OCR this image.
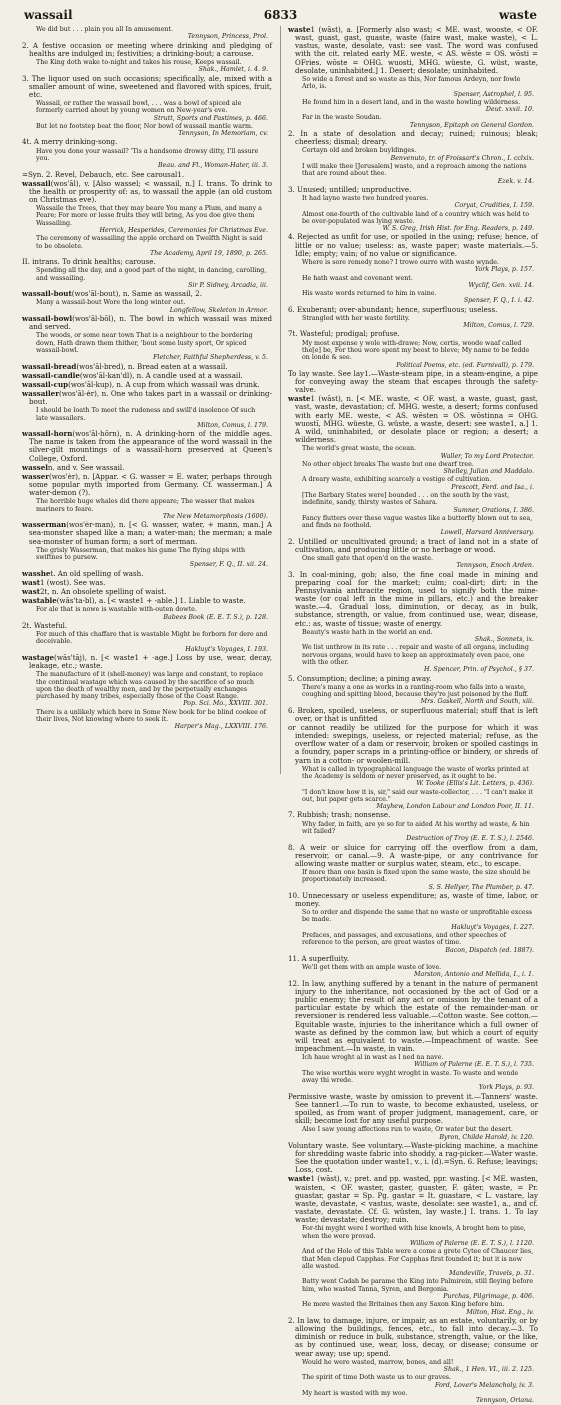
wassail	6833	waste
We did but . . . plain you all In amusement.
Tennyson, Princess, Prol.
2. A festive occasion or meeting where drinking and pledging of healths are indulged in; festivities; a drinking-bout; a carouse.
The King doth wake to-night and takes his rouse, Keeps wassail.
Shak., Hamlet, i. 4. 9.
3. The liquor used on such occasions; specifically, ale, mixed with a smaller amount of wine, sweetened and flavored with spices, fruit, etc.
Wassail, or rather the wassail bowl, . . . was a bowl of spiced ale formerly carried about by young women on New-year's eve.
Strutt, Sports and Pastimes, p. 466.
But let no footstep beat the floor, Nor bowl of wassail mantle warm.
Tennyson, In Memoriam, cv.
4t. A merry drinking-song.
Have you done your wassail? 'Tis a handsome drowsy ditty, I'll assure you.
Beau. and Fl., Woman-Hater, iii. 3.
=Syn. 2. Revel, Debauch, etc. See carousal1.
wassail(wos'āl), v. [Also wassel; < wassail, n.] I. trans. To drink to the health or prosperity of: as, to wassail the apple (an old custom on Christmas eve).
Wassaile the Trees, that they may beare You many a Plum, and many a Peare; For more or lesse fruits they will bring, As you doe give them Wassailing.
Herrick, Hesperides, Ceremonies for Christmas Eve.
The ceremony of wassailing the apple orchard on Twelfth Night is said to be obsolete.
The Academy, April 19, 1890, p. 265.
II. intrans. To drink healths; carouse.
Spending all the day, and a good part of the night, in dancing, carolling, and wassailing.
Sir P. Sidney, Arcadia, iii.
wassail-bout(wos'āl-bout), n. Same as wassail, 2.
Many a wassail-bout Wore the long winter out.
Longfellow, Skeleton in Armor.
wassail-bowl(wos'āl-bōl), n. The bowl in which wassail was mixed and served.
The woods, or some near town That is a neighbour to the bordering down, Hath drawn them thither, 'bout some lusty sport, Or spiced wassail-bowl.
Fletcher, Faithful Shepherdess, v. 5.
wassail-bread(wos'āl-bred), n. Bread eaten at a wassail.
wassail-candle(wos'āl-kan'dl), n. A candle used at a wassail.
wassail-cup(wos'āl-kup), n. A cup from which wassail was drunk.
wassailer(wos'āl-ėr), n. One who takes part in a wassail or drinking-bout.
I should be loath To meet the rudeness and swill'd insolence Of such late wassailers.
Milton, Comus, l. 179.
wassail-horn(wos'āl-hôrn), n. A drinking-horn of the middle ages. The name is taken from the appearance of the word wassail in the silver-gilt mountings of a wassail-horn preserved at Queen's College, Oxford.
wasseln. and v. See wassail.
wasser(wos'ėr), n. [Appar. < G. wasser = E. water, perhaps through some popular myth imported from Germany. Cf. wasserman.] A water-demon (?).
The horrible huge whales did there appeare; The wasser that makes mariners to feare.
The New Metamorphosis (1600).
wasserman(wos'ėr-man), n. [< G. wasser, water, + mann, man.] A sea-monster shaped like a man; a water-man; the merman; a male sea-monster of human form; a sort of merman.
The grisly Wasserman, that makes his game The flying ships with swiftnes to pursew.
Spenser, F. Q., II. xii. 24.
wasshet. An old spelling of wash.
wast1 (wost). See was.
wast2t, n. An obsolete spelling of waist.
wastable(wās'ta-bl), a. [< waste1 + -able.] 1. Liable to waste.
For ale that is nowe is wastable with-outen dowte.
Babees Book (E. E. T. S.), p. 128.
2t. Wasteful.
For much of this chaffare that is wastable Might be forborn for dere and deceivable.
Hakluyt's Voyages, I. 193.
wastage(wās'tāj), n. [< waste1 + -age.] Loss by use, wear, decay, leakage, etc.; waste.
The manufacture of it (shell-money) was large and constant, to replace the continual wastage which was caused by the sacrifice of so much upon the death of wealthy men, and by the perpetually exchanges purchased by many tribes, especially those of the Coast Range.
Pop. Sci. Mo., XXVIII. 301.
There is a unlikely which here in Some New book for be blind cookee of their lives, Not knowing where to seek it.
Harper's Mag., LXXVIII. 176.
waste1 (wāst), a. [Formerly also wast; < ME. wast, wooste, < OF. wast, guast, gast, guaste, waste (faire wast, make waste), < L. vastus, waste, desolate, vast: see vast. The word was confused with the cit. related early ME. weste, < AS. wēste = OS. wōsti = OFries. wōste = OHG. wuosti, MHG. wüeste, G. wüst, waste, desolate, uninhabited.] 1. Desert; desolate; uninhabited.
So wide a forest and so waste as this, Nor famous Ardeyn, nor fowle Arlo, is.
Spenser, Astrophel, l. 95.
He found him in a desert land, and in the waste howling wilderness.
Deut. xxxii. 10.
Far in the waste Soudan.
Tennyson, Epitaph on General Gordon.
2. In a state of desolation and decay; ruined; ruinous; bleak; cheerless; dismal; dreary.
Certayn old and broken buyldinges.
Benvenuto, tr. of Froissart's Chron., I. cclxix.
I will make thee [Jerusalem] waste, and a reproach among the nations that are round about thee.
Ezek. v. 14.
3. Unused; untilled; unproductive.
It had layne waste two hundred yeares.
Coryat, Crudities, I. 159.
Almost one-fourth of the cultivable land of a country which was held to be over-populated was lying waste.
W. S. Greg, Irish Hist. for Eng. Readers, p. 149.
4. Rejected as unfit for use, or spoiled in the using; refuse; hence, of little or no value; useless: as, waste paper; waste materials.—5. Idle; empty; vain; of no value or significance.
Where is sore remedy none? I trowe ourre with waste wynde.
York Plays, p. 157.
He hath waast and covenant went.
Wyclif, Gen. xvii. 14.
His waste words returned to him in vaine.
Spenser, F. Q., I. i. 42.
6. Exuberant; over-abundant; hence, superfluous; useless.
Strangled with her waste fertility.
Milton, Comus, l. 729.
7t. Wasteful; prodigal; profuse.
My most expense y wole with-drawe; Now, certis, woode waaf called the[e] be, For thou wore spent my beest to bleve; My name to be fedde on londe & see.
Political Poems, etc. (ed. Furnivall), p. 179.
To lay waste. See lay1.—Waste-steam pipe, in a steam-engine, a pipe for conveying away the steam that escapes through the safety-valve.
waste1 (wāst), n. [< ME. waste, < OF. wast, a waste, guast, gast, vast, waste, devastation; cf. MHG. weste, a desert; forms confused with early ME. weste, < AS. wēsten = OS. wōstinna = OHG. wuostī, MHG. wüeste, G. wüste, a waste, desert: see waste1, a.] 1. A wild, uninhabited, or desolate place or region; a desert; a wilderness.
The world's great waste, the ocean.
Waller, To my Lord Protector.
No other object breaks The waste but one dwarf tree.
Shelley, Julian and Maddalo.
A dreary waste, exhibiting scarcely a vestige of cultivation.
Prescott, Ferd. and Isa., i.
[The Barbary States were] bounded . . . on the south by the vast, indefinite, sandy, thirsty wastes of Sahara.
Sumner, Orations, I. 386.
Fancy flutters over these vague wastes like a butterfly blown out to sea, and finds no foothold.
Lowell, Harvard Anniversary.
2. Untilled or uncultivated ground; a tract of land not in a state of cultivation, and producing little or no herbage or wood.
One small gate that open'd on the waste.
Tennyson, Enoch Arden.
3. In coal-mining, gob; also, the fine coal made in mining and preparing coal for the market; culm; coal-dirt; dirt: in the Pennsylvania anthracite region, used to signify both the mine-waste (or coal left in the mine in pillars, etc.) and the breaker waste.—4. Gradual loss, diminution, or decay, as in bulk, substance, strength, or value, from continued use, wear, disease, etc.: as, waste of tissue; waste of energy.
Beauty's waste hath in the world an end.
Shak., Sonnets, ix.
We list unthrow in its rate . . . repair and waste of all organs, including nervous organs, would have to keep an approximately even pace, one with the other.
H. Spencer, Prin. of Psychol., § 37.
5. Consumption; decline; a pining away.
There's many a one as works in a ranting-room who falls into a waste, coughing and spitting blood, because they're just poisoned by the fluff.
Mrs. Gaskell, North and South, xiii.
6. Broken, spoiled, useless, or superfluous material; stuff that is left over, or that is unfitted
or cannot readily be utilized for the purpose for which it was intended: swepings, useless, or rejected material; refuse, as the overflow water of a dam or reservoir, broken or spoiled castings in a foundry, paper scraps in a printing-office or bindery, or shreds of yarn in a cotton- or woolen-mill.
What is called in typographical language the waste of works printed at the Academy is seldom or never preserved, as it ought to be.
W. Tooke (Ellis's Lit. Letters, p. 436).
"I don't know how it is, sir," said our waste-collector, . . . "I can't make it out, but paper gets scarce."
Mayhew, London Labour and London Poor, II. 11.
7. Rubbish; trash; nonsense.
Why fader, in faith, are ye so for to aided At his worthy ad waste, & hin wit failed?
Destruction of Troy (E. E. T. S.), l. 2546.
8. A weir or sluice for carrying off the overflow from a dam, reservoir, or canal.—9. A waste-pipe, or any contrivance for allowing waste matter or surplus water, steam, etc., to escape.
If more than one basin is fixed upon the same waste, the size should be proportionately increased.
S. S. Hellyer, The Plumber, p. 47.
10. Unnecessary or useless expenditure; as, waste of time, labor, or money.
So to order and dispende the same that no waste or unprofitable excess be made.
Hakluyt's Voyages, I. 227.
Prefaces, and passages, and excusations, and other speeches of reference to the person, are great wastes of time.
Bacon, Dispatch (ed. 1887).
11. A superfluity.
We'll get them with an ample waste of love.
Marston, Antonio and Mellida, I., i. 1.
12. In law, anything suffered by a tenant in the nature of permanent injury to the inheritance, not occasioned by the act of God or a public enemy; the result of any act or omission by the tenant of a particular estate by which the estate of the remainder-man or reversioner is rendered less valuable.—Cotton waste. See cotton.—Equitable waste, injuries to the inheritance which a full owner of waste as defined by the common law, but which a court of equity will treat as equivalent to waste.—Impeachment of waste. See impeachment.—In waste, in vain.
Ich haue wroght al in wast as I ned na nave.
William of Palerne (E. E. T. S.), l. 735.
The wise worthis were wyght wroght in waste. To waste and wende away thi wrede.
York Plays, p. 93.
Permissive waste, waste by omission to prevent it.—Tanners' waste. See tanner1.—To run to waste, to become exhausted, useless, or spoiled, as from want of proper judgment, management, care, or skill; become lost for any useful purpose.
Also I saw young affections run to waste, Or water but the desert.
Byron, Childe Harold, iv. 120.
Voluntary waste. See voluntary.—Waste-picking machine, a machine for shredding waste fabric into shoddy, a rag-picker.—Water waste. See the quotation under waste1, v., i. (d).=Syn. 6. Refuse; leavings; Loss, cost.
waste1 (wāst), v.; pret. and pp. wasted, ppr. wasting. [< ME. wasten, waisten, < OF. waster, gaster, guaster, F. gâter, waste, = Pr. guastar, gastar = Sp. Pg. gastar = It. guastare, < L. vastare, lay waste, devastate, < vastus, waste, desolate: see waste1, a., and cf. vastate, devastate. Cf. G. wüsten, lay waste.] I. trans. 1. To lay waste; devastate; destroy; ruin.
For-thi myght were I worthed with hise knowls, A broght hem to pine, when the were provad.
William of Palerne (E. E. T. S.), l. 1120.
And of the Hole of this Table were a come a grete Cytee of Chaucer lies, that Men clepud Capphas. For Capphas first founded it; but it is now alle wasted.
Mandeville, Travels, p. 31.
Batty went Cadah be parame the King into Palmirein, still fleying before him, who wasted Tanna, Syren, and Bergonia.
Purchas, Pilgrimage, p. 406.
He more wasted the Britaines then any Saxon King before him.
Milton, Hist. Eng., iv.
2. In law, to damage, injure, or impair, as an estate, voluntarily, or by allowing the buildings, fences, etc., to fall into decay.—3. To diminish or reduce in bulk, substance, strength, value, or the like, as by continued use, wear, loss, decay, or disease; consume or wear away; use up; spend.
Would he were wasted, marrow, bones, and all!
Shak., 1 Hen. VI., iii. 2. 125.
The spirit of time Doth waste us to our graves.
Ford, Lover's Melancholy, iv. 3.
My heart is wasted with my woe.
Tennyson, Oriana.
